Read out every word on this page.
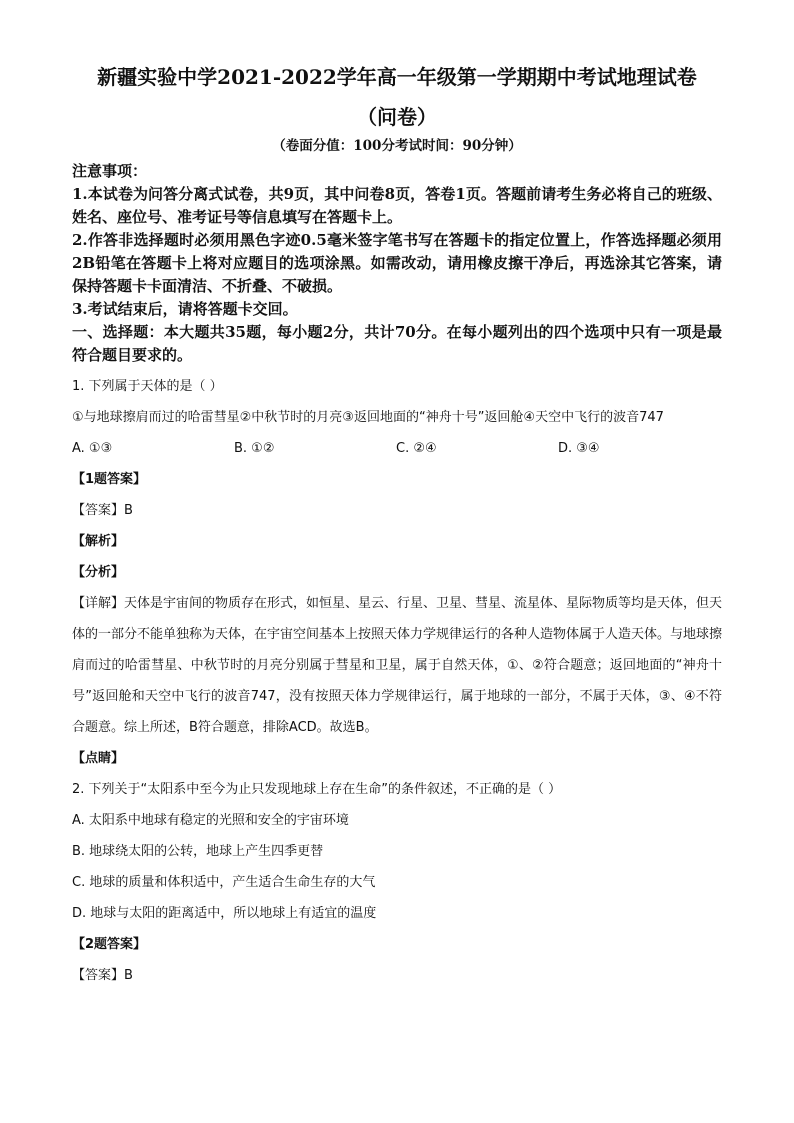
新疆实验中学2021-2022学年高一年级第一学期期中考试地理试卷

（问卷）

（卷面分值：100分考试时间：90分钟）

注意事项：

1.本试卷为问答分离式试卷，共9页，其中问卷8页，答卷1页。答题前请考生务必将自己的班级、姓名、座位号、准考证号等信息填写在答题卡上。

2.作答非选择题时必须用黑色字迹0.5毫米签字笔书写在答题卡的指定位置上，作答选择题必须用2B铅笔在答题卡上将对应题目的选项涂黑。如需改动，请用橡皮擦干净后，再选涂其它答案，请保持答题卡卡面清洁、不折叠、不破损。

3.考试结束后，请将答题卡交回。

一、选择题：本大题共35题，每小题2分，共计70分。在每小题列出的四个选项中只有一项是最符合题目要求的。

1. 下列属于天体的是（ ）

①与地球擦肩而过的哈雷彗星②中秋节时的月亮③返回地面的“神舟十号”返回舱④天空中飞行的波音747

A. ①③	B. ①②	C. ②④	D. ③④

【1题答案】

【答案】B

【解析】

【分析】

【详解】天体是宇宙间的物质存在形式，如恒星、星云、行星、卫星、彗星、流星体、星际物质等均是天体，但天体的一部分不能单独称为天体，在宇宙空间基本上按照天体力学规律运行的各种人造物体属于人造天体。与地球擦肩而过的哈雷彗星、中秋节时的月亮分别属于彗星和卫星，属于自然天体，①、②符合题意；返回地面的“神舟十号”返回舱和天空中飞行的波音747，没有按照天体力学规律运行，属于地球的一部分，不属于天体，③、④不符合题意。综上所述，B符合题意，排除ACD。故选B。

【点睛】

2. 下列关于“太阳系中至今为止只发现地球上存在生命”的条件叙述，不正确的是（ ）

A. 太阳系中地球有稳定的光照和安全的宇宙环境

B. 地球绕太阳的公转，地球上产生四季更替

C. 地球的质量和体积适中，产生适合生命生存的大气

D. 地球与太阳的距离适中，所以地球上有适宜的温度

【2题答案】

【答案】B
